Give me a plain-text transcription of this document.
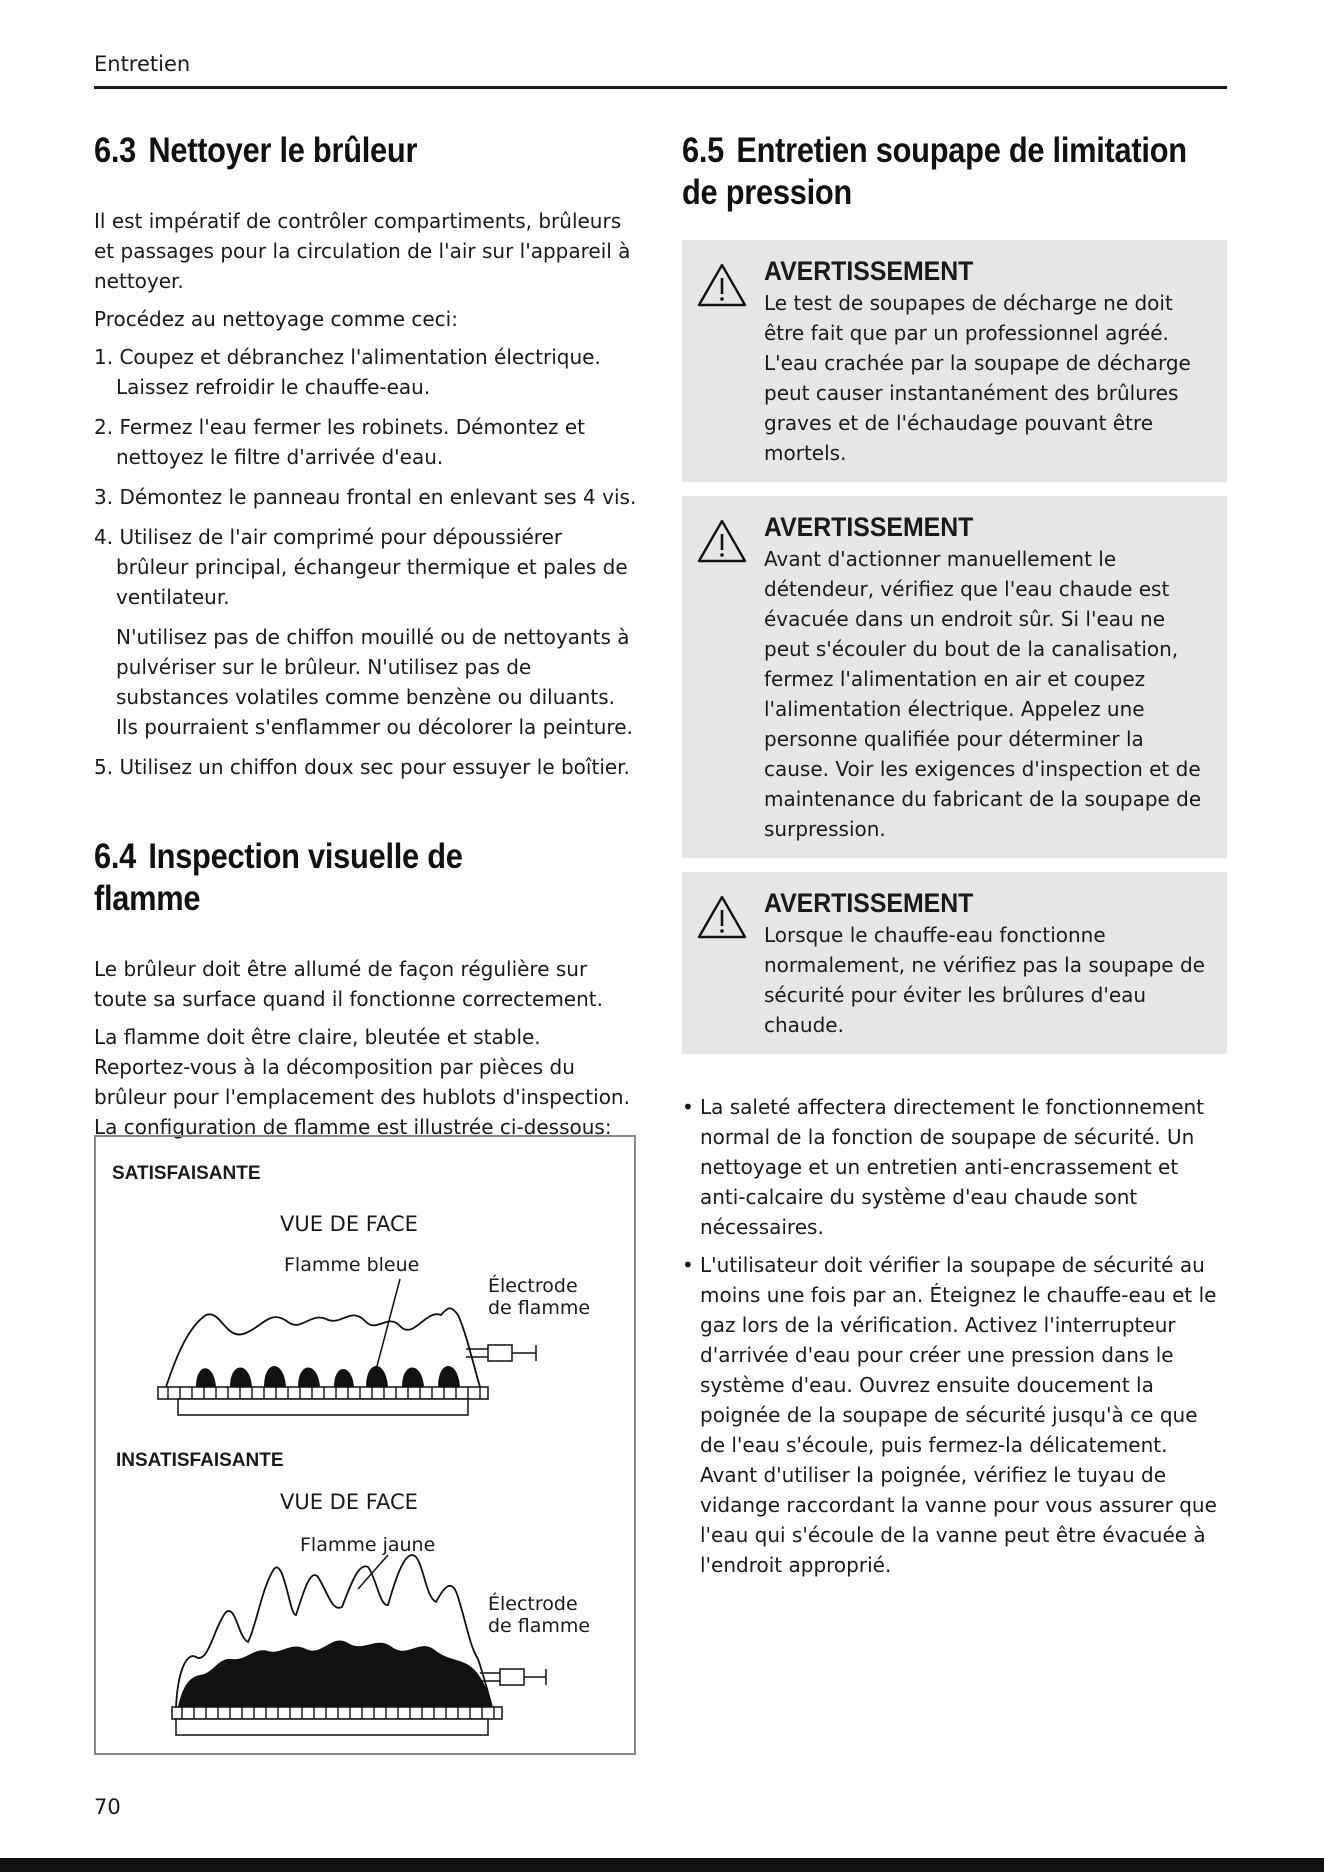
Entretien
6.3 Nettoyer le brûleur

Il est impératif de contrôler compartiments, brûleurs et passages pour la circulation de l'air sur l'appareil à nettoyer.

Procédez au nettoyage comme ceci:

1. Coupez et débranchez l'alimentation électrique. Laissez refroidir le chauffe-eau.
2. Fermez l'eau fermer les robinets. Démontez et nettoyez le filtre d'arrivée d'eau.
3. Démontez le panneau frontal en enlevant ses 4 vis.
4. Utilisez de l'air comprimé pour dépoussiérer brûleur principal, échangeur thermique et pales de ventilateur.
N'utilisez pas de chiffon mouillé ou de nettoyants à pulvériser sur le brûleur. N'utilisez pas de substances volatiles comme benzène ou diluants. Ils pourraient s'enflammer ou décolorer la peinture.
5. Utilisez un chiffon doux sec pour essuyer le boîtier.
6.4 Inspection visuelle de flamme

Le brûleur doit être allumé de façon régulière sur toute sa surface quand il fonctionne correctement.

La flamme doit être claire, bleutée et stable. Reportez-vous à la décomposition par pièces du brûleur pour l'emplacement des hublots d'inspection. La configuration de flamme est illustrée ci-dessous:

SATISFAISANTE
VUE DE FACE
Flamme bleue
Électrode
de flamme
INSATISFAISANTE
VUE DE FACE
Flamme jaune
Électrode
de flamme
6.5 Entretien soupape de limitation
de pression
AVERTISSEMENT
Le test de soupapes de décharge ne doit être fait que par un professionnel agréé. L'eau crachée par la soupape de décharge peut causer instantanément des brûlures graves et de l'échaudage pouvant être mortels.
AVERTISSEMENT
Avant d'actionner manuellement le détendeur, vérifiez que l'eau chaude est évacuée dans un endroit sûr. Si l'eau ne peut s'écouler du bout de la canalisation, fermez l'alimentation en air et coupez l'alimentation électrique. Appelez une personne qualifiée pour déterminer la cause. Voir les exigences d'inspection et de maintenance du fabricant de la soupape de surpression.
AVERTISSEMENT
Lorsque le chauffe-eau fonctionne normalement, ne vérifiez pas la soupape de sécurité pour éviter les brûlures d'eau chaude.
• La saleté affectera directement le fonctionnement normal de la fonction de soupape de sécurité. Un nettoyage et un entretien anti-encrassement et anti-calcaire du système d'eau chaude sont nécessaires.
• L'utilisateur doit vérifier la soupape de sécurité au moins une fois par an. Éteignez le chauffe-eau et le gaz lors de la vérification. Activez l'interrupteur d'arrivée d'eau pour créer une pression dans le système d'eau. Ouvrez ensuite doucement la poignée de la soupape de sécurité jusqu'à ce que de l'eau s'écoule, puis fermez-la délicatement. Avant d'utiliser la poignée, vérifiez le tuyau de vidange raccordant la vanne pour vous assurer que l'eau qui s'écoule de la vanne peut être évacuée à l'endroit approprié.
70
